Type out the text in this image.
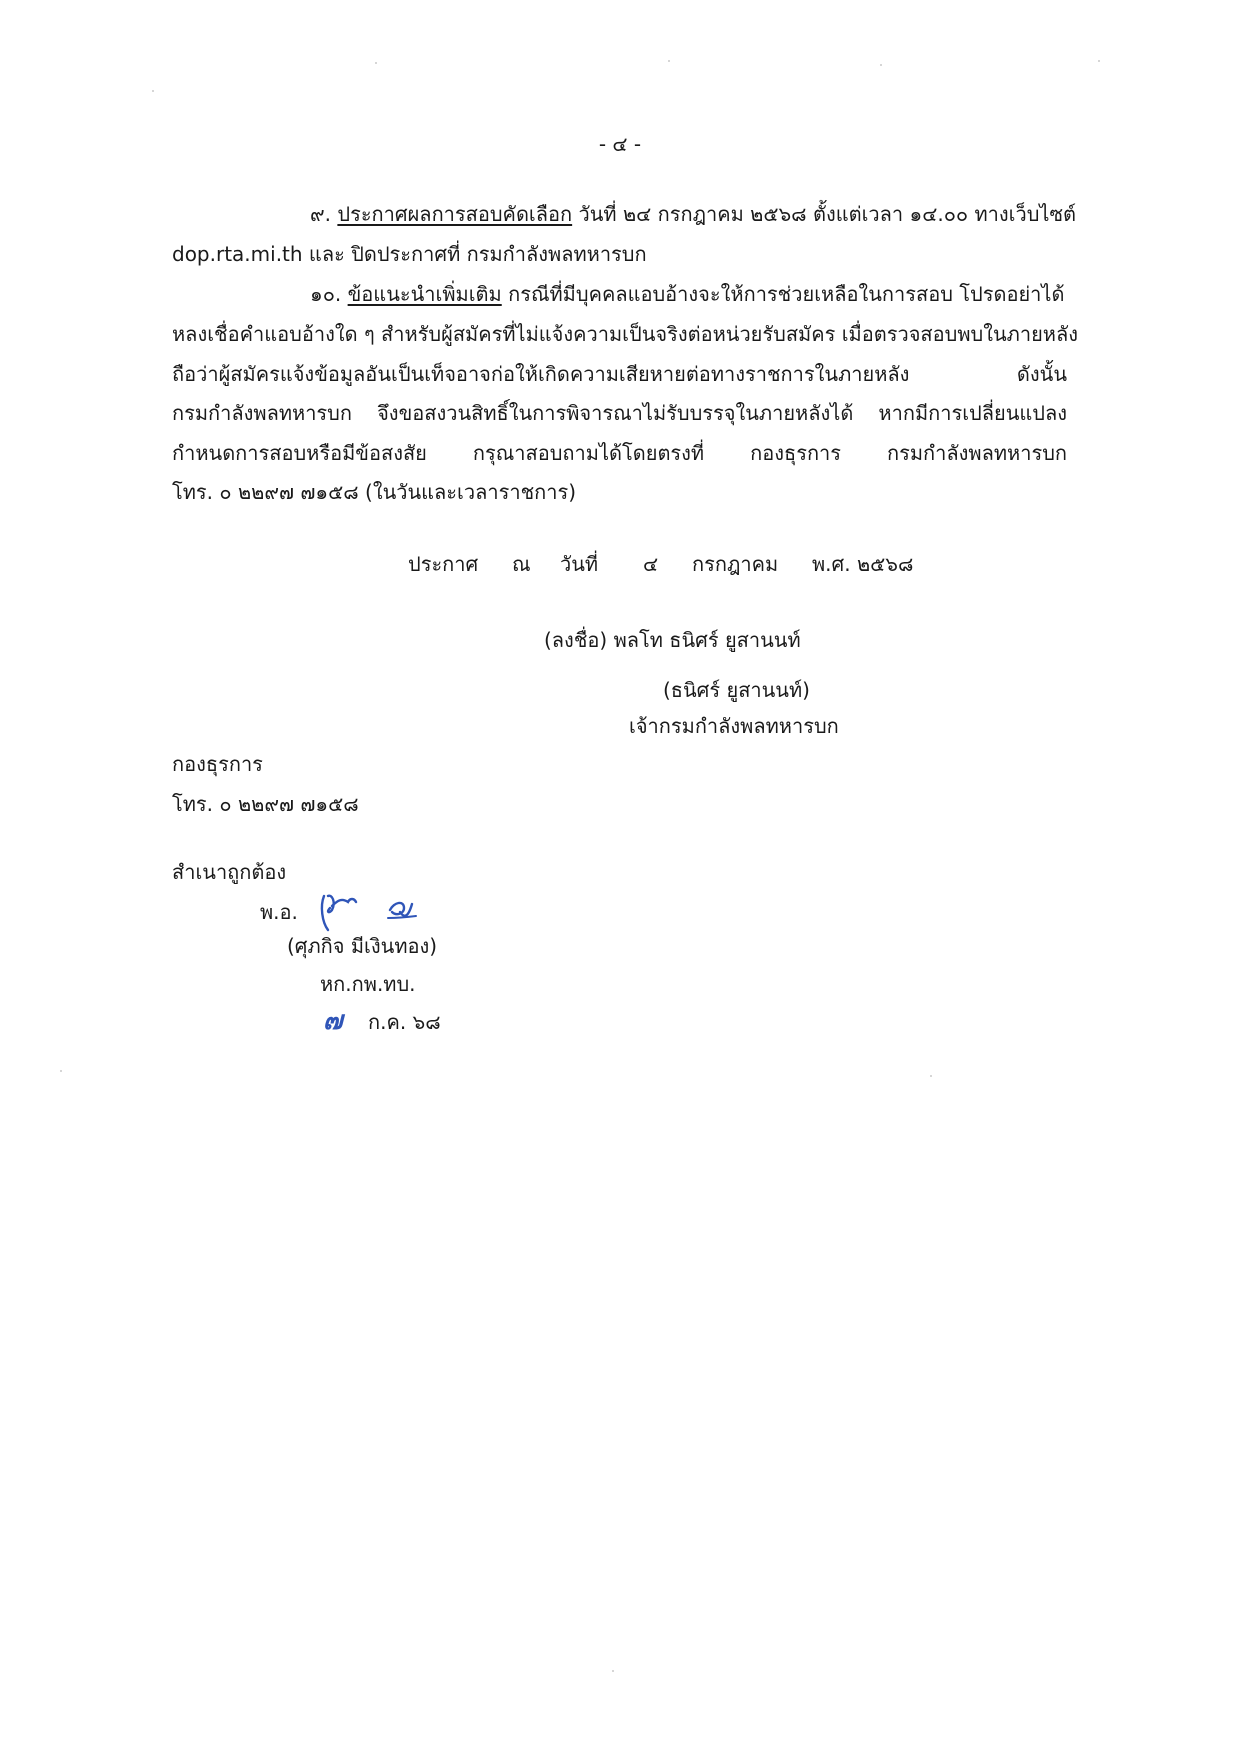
- ๔ -
๙. ประกาศผลการสอบคัดเลือก วันที่ ๒๔ กรกฎาคม ๒๕๖๘ ตั้งแต่เวลา ๑๔.๐๐ ทางเว็บไซต์
dop.rta.mi.th และ ปิดประกาศที่ กรมกำลังพลทหารบก
๑๐. ข้อแนะนำเพิ่มเติม กรณีที่มีบุคคลแอบอ้างจะให้การช่วยเหลือในการสอบ โปรดอย่าได้
หลงเชื่อคำแอบอ้างใด ๆ สำหรับผู้สมัครที่ไม่แจ้งความเป็นจริงต่อหน่วยรับสมัคร เมื่อตรวจสอบพบในภายหลัง
ถือว่าผู้สมัครแจ้งข้อมูลอันเป็นเท็จอาจก่อให้เกิดความเสียหายต่อทางราชการในภายหลัง ดังนั้น
กรมกำลังพลทหารบก จึงขอสงวนสิทธิ์ในการพิจารณาไม่รับบรรจุในภายหลังได้ หากมีการเปลี่ยนแปลง
กำหนดการสอบหรือมีข้อสงสัย กรุณาสอบถามได้โดยตรงที่ กองธุรการ กรมกำลังพลทหารบก
โทร. ๐ ๒๒๙๗ ๗๑๕๘ (ในวันและเวลาราชการ)
ประกาศ ณ วันที่ ๔ กรกฎาคม พ.ศ. ๒๕๖๘
(ลงชื่อ) พลโท ธนิศร์ ยูสานนท์
(ธนิศร์ ยูสานนท์)
เจ้ากรมกำลังพลทหารบก
กองธุรการ
โทร. ๐ ๒๒๙๗ ๗๑๕๘
สำเนาถูกต้อง
พ.อ.
(ศุภกิจ มีเงินทอง)
หก.กพ.ทบ.
๗ ก.ค. ๖๘
